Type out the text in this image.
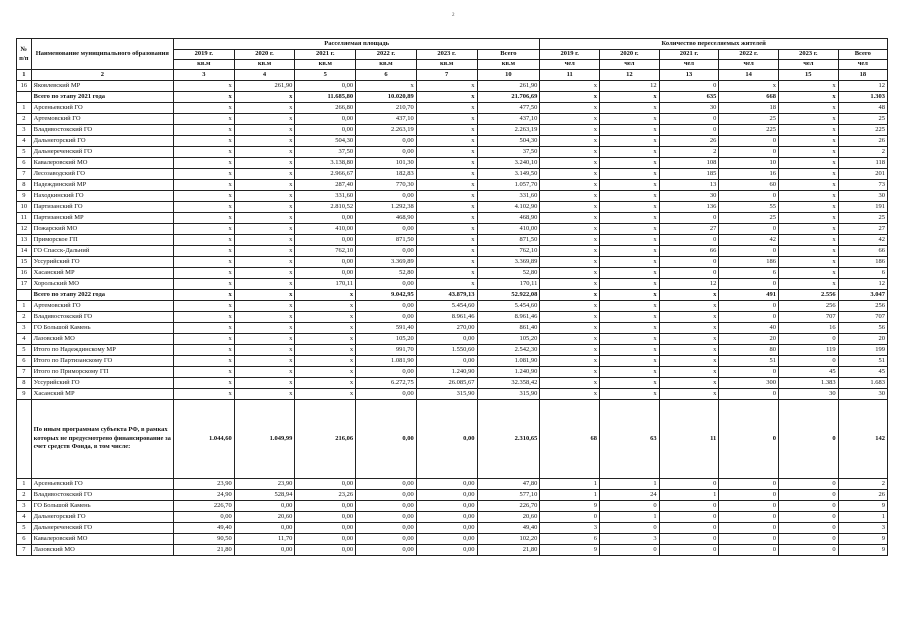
2
№ п/п	Наименование муниципального образования	Расселяемая площадь						Количество переселяемых жителей					
		2019 г.	2020 г.	2021 г.	2022 г.	2023 г.	Всего	2019 г.	2020 г.	2021 г.	2022 г.	2023 г.	Всего
		кв.м	кв.м	кв.м	кв.м	кв.м	кв.м	чел	чел	чел	чел	чел	чел
1	2	3	4	5	6	7	10	11	12	13	14	15	18
16	Яковлевский МР	x	261,90	0,00	x	x	261,90	x	12	0	x	x	12
	Всего по этапу 2021 года	x	x	11.685,80	10.020,89	x	21.706,69	x	x	635	668	x	1.303
1	Арсеньевский ГО	x	x	266,80	210,70	x	477,50	x	x	30	18	x	48
2	Артемовский ГО	x	x	0,00	437,10	x	437,10	x	x	0	25	x	25
3	Владивостокский ГО	x	x	0,00	2.263,19	x	2.263,19	x	x	0	225	x	225
4	Дальнегорский ГО	x	x	504,30	0,00	x	504,30	x	x	26	0	x	26
5	Дальнереченский ГО	x	x	37,50	0,00	x	37,50	x	x	2	0	x	2
6	Кавалеровский МО	x	x	3.138,80	101,30	x	3.240,10	x	x	108	10	x	118
7	Лесозаводский ГО	x	x	2.966,67	182,83	x	3.149,50	x	x	185	16	x	201
8	Надеждинский МР	x	x	287,40	770,30	x	1.057,70	x	x	13	60	x	73
9	Находкинский ГО	x	x	331,60	0,00	x	331,60	x	x	30	0	x	30
10	Партизанский ГО	x	x	2.810,52	1.292,38	x	4.102,90	x	x	136	55	x	191
11	Партизанский МР	x	x	0,00	468,90	x	468,90	x	x	0	25	x	25
12	Пожарский МО	x	x	410,00	0,00	x	410,00	x	x	27	0	x	27
13	Приморское ГП	x	x	0,00	871,50	x	871,50	x	x	0	42	x	42
14	ГО Спасск-Дальний	x	x	762,10	0,00	x	762,10	x	x	66	0	x	66
15	Уссурийский ГО	x	x	0,00	3.369,89	x	3.369,89	x	x	0	186	x	186
16	Хасанский МР	x	x	0,00	52,80	x	52,80	x	x	0	6	x	6
17	Хорольский МО	x	x	170,11	0,00	x	170,11	x	x	12	0	x	12
	Всего по этапу 2022 года	x	x	x	9.042,95	43.879,13	52.922,08	x	x	x	491	2.556	3.047
1	Артемовский ГО	x	x	x	0,00	5.454,60	5.454,60	x	x	x	0	256	256
2	Владивостокский ГО	x	x	x	0,00	8.961,46	8.961,46	x	x	x	0	707	707
3	ГО Большой Камень	x	x	x	591,40	270,00	861,40	x	x	x	40	16	56
4	Лазовский МО	x	x	x	105,20	0,00	105,20	x	x	x	20	0	20
5	Итого по Надеждинскому МР	x	x	x	991,70	1.550,60	2.542,30	x	x	x	80	119	199
6	Итого по Партизанскому ГО	x	x	x	1.081,90	0,00	1.081,90	x	x	x	51	0	51
7	Итого по Приморскому ГП	x	x	x	0,00	1.240,90	1.240,90	x	x	x	0	45	45
8	Уссурийский ГО	x	x	x	6.272,75	26.085,67	32.358,42	x	x	x	300	1.383	1.683
9	Хасанский МР	x	x	x	0,00	315,90	315,90	x	x	x	0	30	30
	По иным программам субъекта РФ, в рамках которых не предусмотрено финансирование за счет средств Фонда, в том числе:	1.044,60	1.049,99	216,06	0,00	0,00	2.310,65	68	63	11	0	0	142
1	Арсеньевский ГО	23,90	23,90	0,00	0,00	0,00	47,80	1	1	0	0	0	2
2	Владивостокский ГО	24,90	528,94	23,26	0,00	0,00	577,10	1	24	1	0	0	26
3	ГО Большой Камень	226,70	0,00	0,00	0,00	0,00	226,70	9	0	0	0	0	9
4	Дальнегорский ГО	0,00	20,60	0,00	0,00	0,00	20,60	0	1	0	0	0	1
5	Дальнереченский ГО	49,40	0,00	0,00	0,00	0,00	49,40	3	0	0	0	0	3
6	Кавалеровский МО	90,50	11,70	0,00	0,00	0,00	102,20	6	3	0	0	0	9
7	Лазовский МО	21,80	0,00	0,00	0,00	0,00	21,80	9	0	0	0	0	9
